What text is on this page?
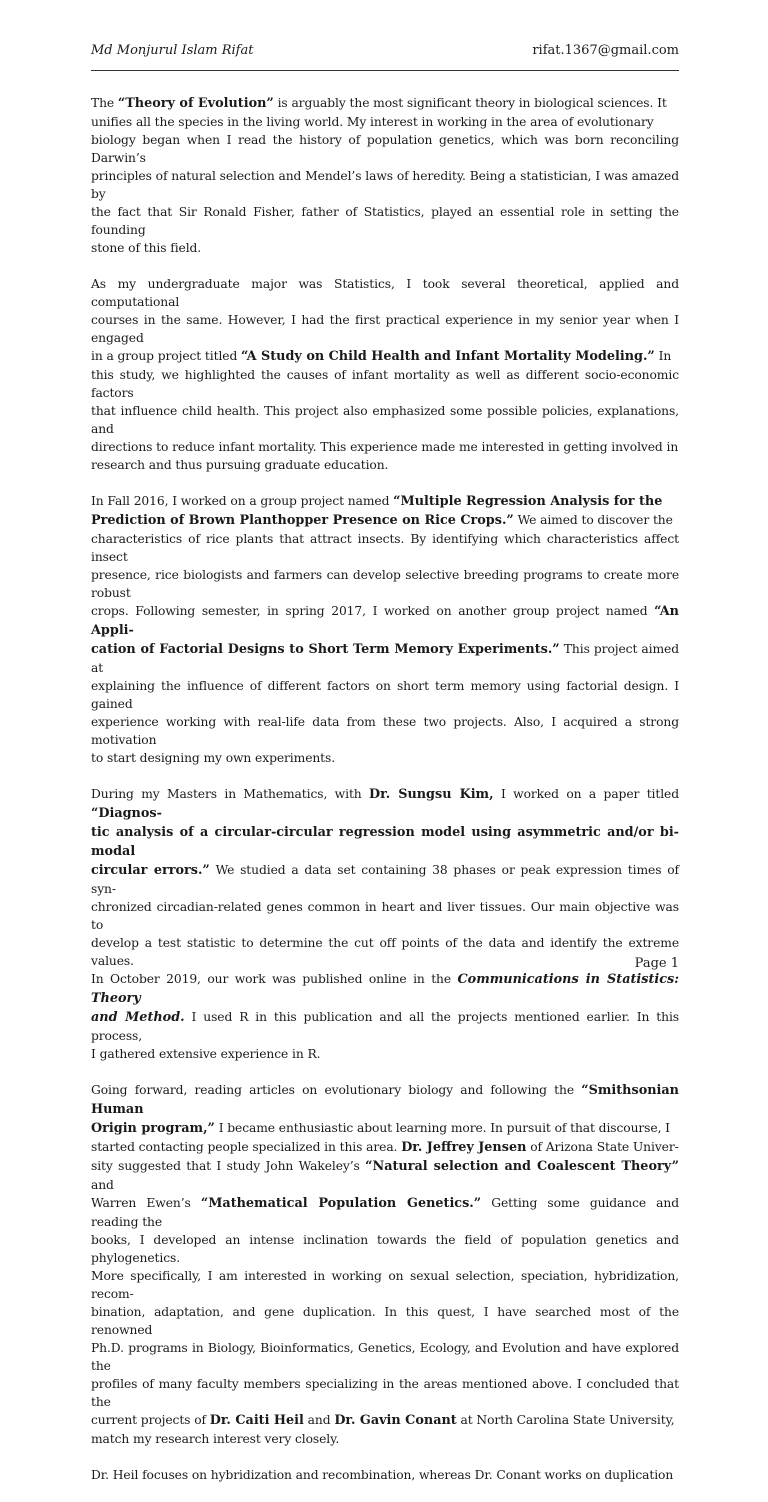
Md Monjurul Islam Rifat	rifat.1367@gmail.com

The “Theory of Evolution” is arguably the most significant theory in biological sciences. It
unifies all the species in the living world. My interest in working in the area of evolutionary
biology began when I read the history of population genetics, which was born reconciling Darwin’s
principles of natural selection and Mendel’s laws of heredity. Being a statistician, I was amazed by
the fact that Sir Ronald Fisher, father of Statistics, played an essential role in setting the founding
stone of this field.

As my undergraduate major was Statistics, I took several theoretical, applied and computational
courses in the same. However, I had the first practical experience in my senior year when I engaged
in a group project titled “A Study on Child Health and Infant Mortality Modeling.” In
this study, we highlighted the causes of infant mortality as well as different socio-economic factors
that influence child health. This project also emphasized some possible policies, explanations, and
directions to reduce infant mortality. This experience made me interested in getting involved in
research and thus pursuing graduate education.

In Fall 2016, I worked on a group project named “Multiple Regression Analysis for the
Prediction of Brown Planthopper Presence on Rice Crops.” We aimed to discover the
characteristics of rice plants that attract insects. By identifying which characteristics affect insect
presence, rice biologists and farmers can develop selective breeding programs to create more robust
crops. Following semester, in spring 2017, I worked on another group project named “An Appli-
cation of Factorial Designs to Short Term Memory Experiments.” This project aimed at
explaining the influence of different factors on short term memory using factorial design. I gained
experience working with real-life data from these two projects. Also, I acquired a strong motivation
to start designing my own experiments.

During my Masters in Mathematics, with Dr. Sungsu Kim, I worked on a paper titled “Diagnos-
tic analysis of a circular-circular regression model using asymmetric and/or bi-modal
circular errors.” We studied a data set containing 38 phases or peak expression times of syn-
chronized circadian-related genes common in heart and liver tissues. Our main objective was to
develop a test statistic to determine the cut off points of the data and identify the extreme values.
In October 2019, our work was published online in the Communications in Statistics: Theory
and Method. I used R in this publication and all the projects mentioned earlier. In this process,
I gathered extensive experience in R.

Going forward, reading articles on evolutionary biology and following the “Smithsonian Human
Origin program,” I became enthusiastic about learning more. In pursuit of that discourse, I
started contacting people specialized in this area. Dr. Jeffrey Jensen of Arizona State Univer-
sity suggested that I study John Wakeley’s “Natural selection and Coalescent Theory” and
Warren Ewen’s “Mathematical Population Genetics.” Getting some guidance and reading the
books, I developed an intense inclination towards the field of population genetics and phylogenetics.
More specifically, I am interested in working on sexual selection, speciation, hybridization, recom-
bination, adaptation, and gene duplication. In this quest, I have searched most of the renowned
Ph.D. programs in Biology, Bioinformatics, Genetics, Ecology, and Evolution and have explored the
profiles of many faculty members specializing in the areas mentioned above. I concluded that the
current projects of Dr. Caiti Heil and Dr. Gavin Conant at North Carolina State University,
match my research interest very closely.

Dr. Heil focuses on hybridization and recombination, whereas Dr. Conant works on duplication

Page 1
